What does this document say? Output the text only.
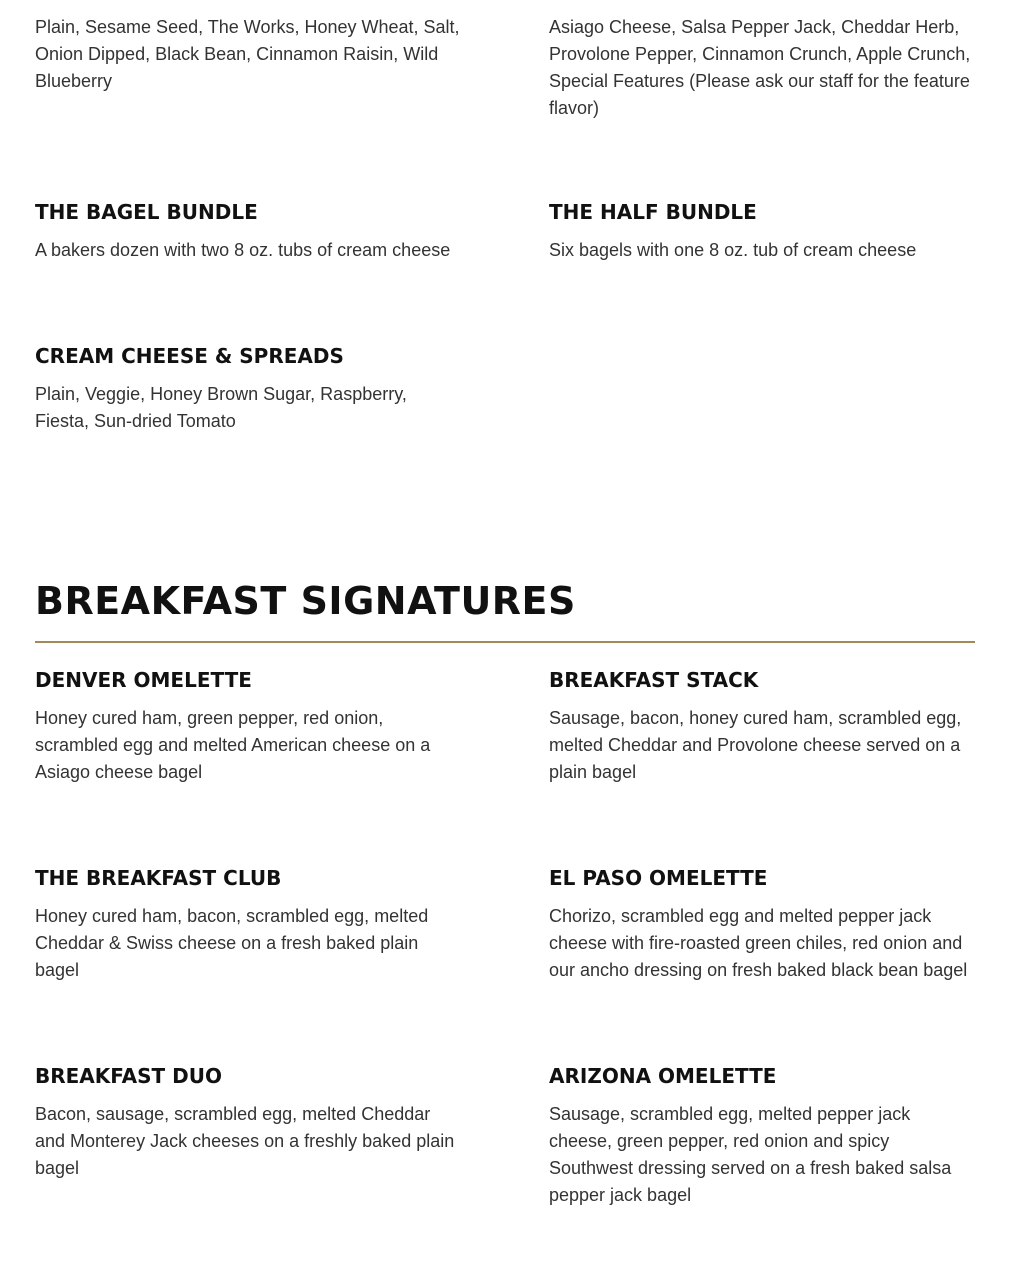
Plain, Sesame Seed, The Works, Honey Wheat, Salt, Onion Dipped, Black Bean, Cinnamon Raisin, Wild Blueberry

Asiago Cheese, Salsa Pepper Jack, Cheddar Herb, Provolone Pepper, Cinnamon Crunch, Apple Crunch, Special Features (Please ask our staff for the feature flavor)

THE BAGEL BUNDLE

A bakers dozen with two 8 oz. tubs of cream cheese

THE HALF BUNDLE

Six bagels with one 8 oz. tub of cream cheese

CREAM CHEESE & SPREADS

Plain, Veggie, Honey Brown Sugar, Raspberry, Fiesta, Sun-dried Tomato

BREAKFAST SIGNATURES
DENVER OMELETTE

Honey cured ham, green pepper, red onion, scrambled egg and melted American cheese on a Asiago cheese bagel

BREAKFAST STACK

Sausage, bacon, honey cured ham, scrambled egg, melted Cheddar and Provolone cheese served on a plain bagel

THE BREAKFAST CLUB

Honey cured ham, bacon, scrambled egg, melted Cheddar & Swiss cheese on a fresh baked plain bagel

EL PASO OMELETTE

Chorizo, scrambled egg and melted pepper jack cheese with fire-roasted green chiles, red onion and our ancho dressing on fresh baked black bean bagel

BREAKFAST DUO

Bacon, sausage, scrambled egg, melted Cheddar and Monterey Jack cheeses on a freshly baked plain bagel

ARIZONA OMELETTE

Sausage, scrambled egg, melted pepper jack cheese, green pepper, red onion and spicy Southwest dressing served on a fresh baked salsa pepper jack bagel
